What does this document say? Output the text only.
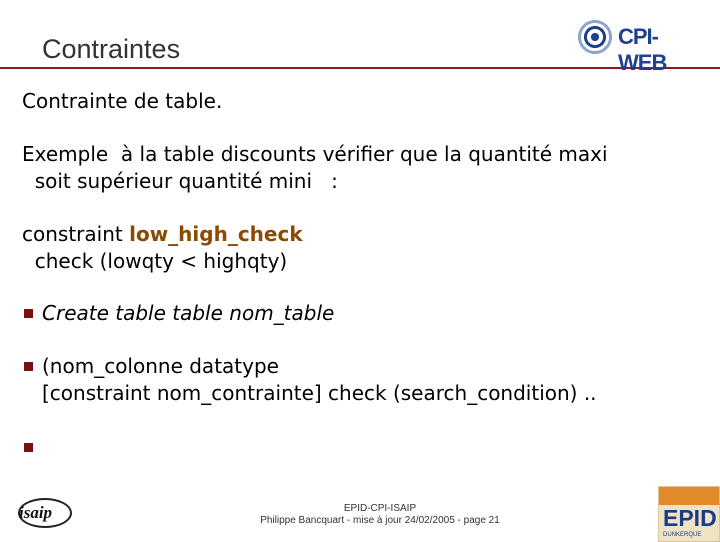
Contraintes	CPI-WEB
Contrainte de table.
Exemple  à la table discounts vérifier que la quantité maxi
soit supérieur quantité mini   :
constraint low_high_check
check (lowqty < highqty)
Create table table nom_table
(nom_colonne datatype
[constraint nom_contrainte] check (search_condition) ..
isaip	EPID-CPI-ISAIP
Philippe Bancquart - mise à jour 24/02/2005 - page 21	EPID
DUNKERQUE
